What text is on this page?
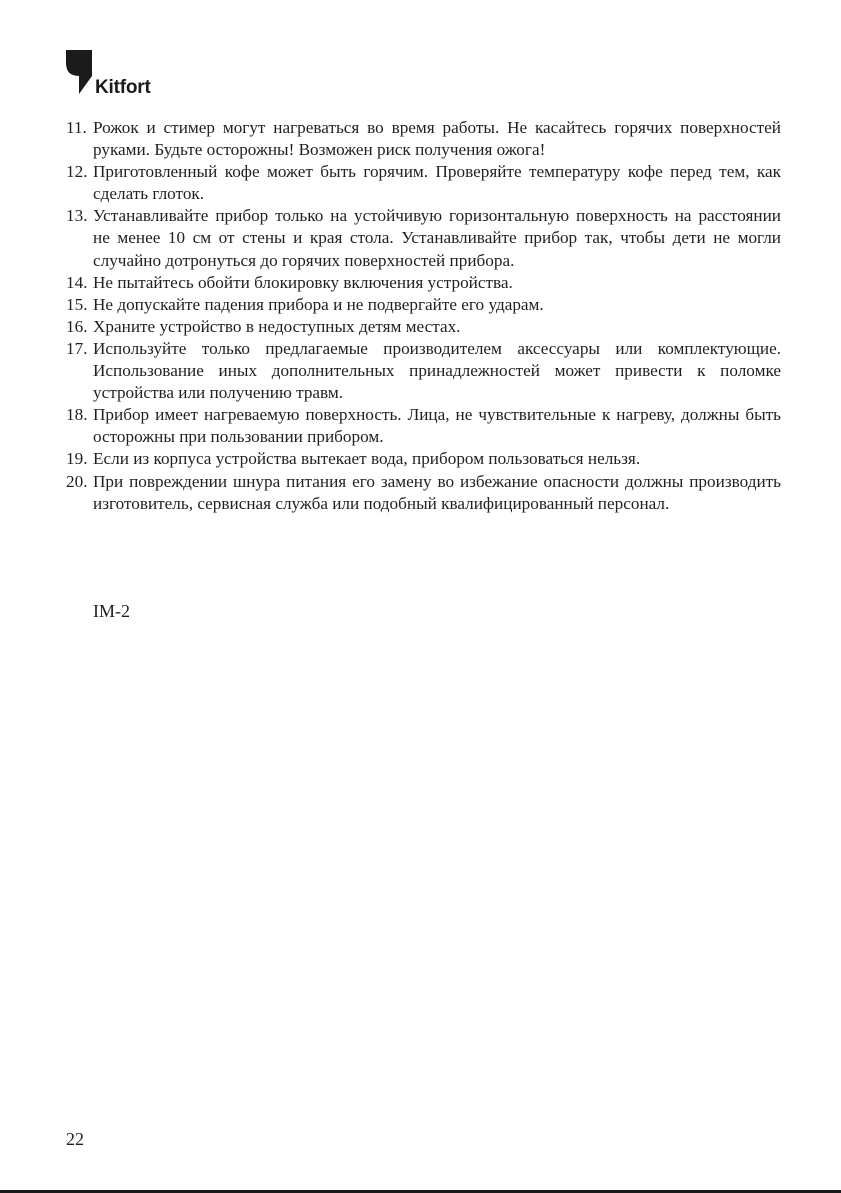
Kitfort
11. Рожок и стимер могут нагреваться во время работы. Не касайтесь горячих поверхностей руками. Будьте осторожны! Возможен риск получения ожога!
12. Приготовленный кофе может быть горячим. Проверяйте температуру кофе перед тем, как сделать глоток.
13. Устанавливайте прибор только на устойчивую горизонтальную поверхность на расстоянии не менее 10 см от стены и края стола. Устанавливайте прибор так, чтобы дети не могли случайно дотронуться до горячих поверхностей прибора.
14. Не пытайтесь обойти блокировку включения устройства.
15. Не допускайте падения прибора и не подвергайте его ударам.
16. Храните устройство в недоступных детям местах.
17. Используйте только предлагаемые производителем аксессуары или комплектующие. Использование иных дополнительных принадлежностей может привести к поломке устройства или получению травм.
18. Прибор имеет нагреваемую поверхность. Лица, не чувствительные к нагреву, должны быть осторожны при пользовании прибором.
19. Если из корпуса устройства вытекает вода, прибором пользоваться нельзя.
20. При повреждении шнура питания его замену во избежание опасности должны производить изготовитель, сервисная служба или подобный квалифицированный персонал.
IM-2
22
